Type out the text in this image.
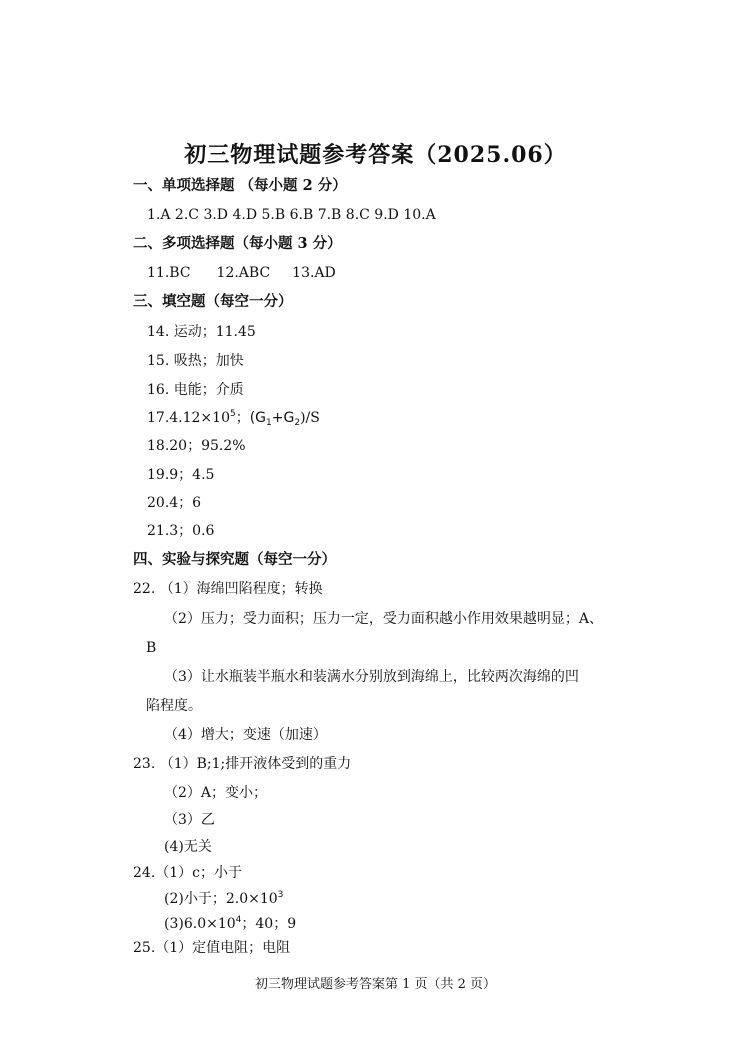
初三物理试题参考答案（2025.06）
一、单项选择题 （每小题 2 分）
1.A 2.C 3.D 4.D 5.B 6.B 7.B 8.C 9.D 10.A
二、多项选择题（每小题 3 分）
11.BC 12.ABC 13.AD
三、填空题（每空一分）
14. 运动；11.45
15. 吸热；加快
16. 电能；介质
$17.4.12\times 10^5$；$(G_1+G_2)/S$
18.20；95.2%
19.9；4.5
20.4；6
21.3；0.6
四、实验与探究题（每空一分）
22. （1）海绵凹陷程度；转换
（2）压力；受力面积；压力一定，受力面积越小作用效果越明显；A、
B
（3）让水瓶装半瓶水和装满水分别放到海绵上，比较两次海绵的凹
陷程度。
（4）增大；变速（加速）
23. （1）B;1;排开液体受到的重力
（2）A；变小；
（3）乙
(4)无关
24.（1）c；小于
(2)小于；$2.0\times 10^3$
$(3)6.0\times 10^4$；40；9
25.（1）定值电阻；电阻
初三物理试题参考答案第 1 页（共 2 页）
